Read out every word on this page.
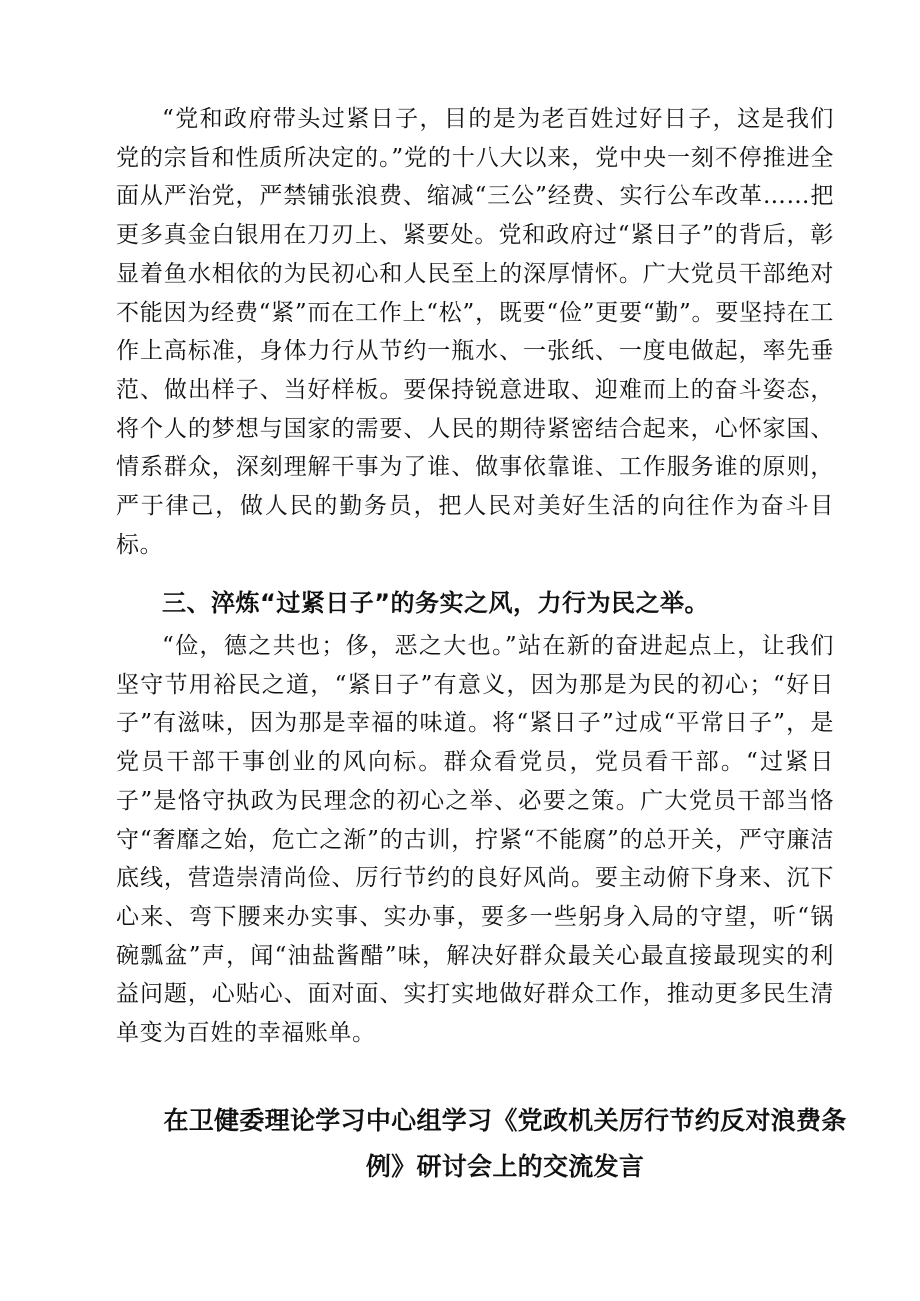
“党和政府带头过紧日子，目的是为老百姓过好日子，这是我们党的宗旨和性质所决定的。”党的十八大以来，党中央一刻不停推进全面从严治党，严禁铺张浪费、缩减“三公”经费、实行公车改革……把更多真金白银用在刀刃上、紧要处。党和政府过“紧日子”的背后，彰显着鱼水相依的为民初心和人民至上的深厚情怀。广大党员干部绝对不能因为经费“紧”而在工作上“松”，既要“俭”更要“勤”。要坚持在工作上高标准，身体力行从节约一瓶水、一张纸、一度电做起，率先垂范、做出样子、当好样板。要保持锐意进取、迎难而上的奋斗姿态，将个人的梦想与国家的需要、人民的期待紧密结合起来，心怀家国、情系群众，深刻理解干事为了谁、做事依靠谁、工作服务谁的原则，严于律己，做人民的勤务员，把人民对美好生活的向往作为奋斗目标。

三、淬炼“过紧日子”的务实之风，力行为民之举。

“俭，德之共也；侈，恶之大也。”站在新的奋进起点上，让我们坚守节用裕民之道，“紧日子”有意义，因为那是为民的初心；“好日子”有滋味，因为那是幸福的味道。将“紧日子”过成“平常日子”，是党员干部干事创业的风向标。群众看党员，党员看干部。“过紧日子”是恪守执政为民理念的初心之举、必要之策。广大党员干部当恪守“奢靡之始，危亡之渐”的古训，拧紧“不能腐”的总开关，严守廉洁底线，营造崇清尚俭、厉行节约的良好风尚。要主动俯下身来、沉下心来、弯下腰来办实事、实办事，要多一些躬身入局的守望，听“锅碗瓢盆”声，闻“油盐酱醋”味，解决好群众最关心最直接最现实的利益问题，心贴心、面对面、实打实地做好群众工作，推动更多民生清单变为百姓的幸福账单。

在卫健委理论学习中心组学习《党政机关厉行节约反对浪费条例》研讨会上的交流发言
